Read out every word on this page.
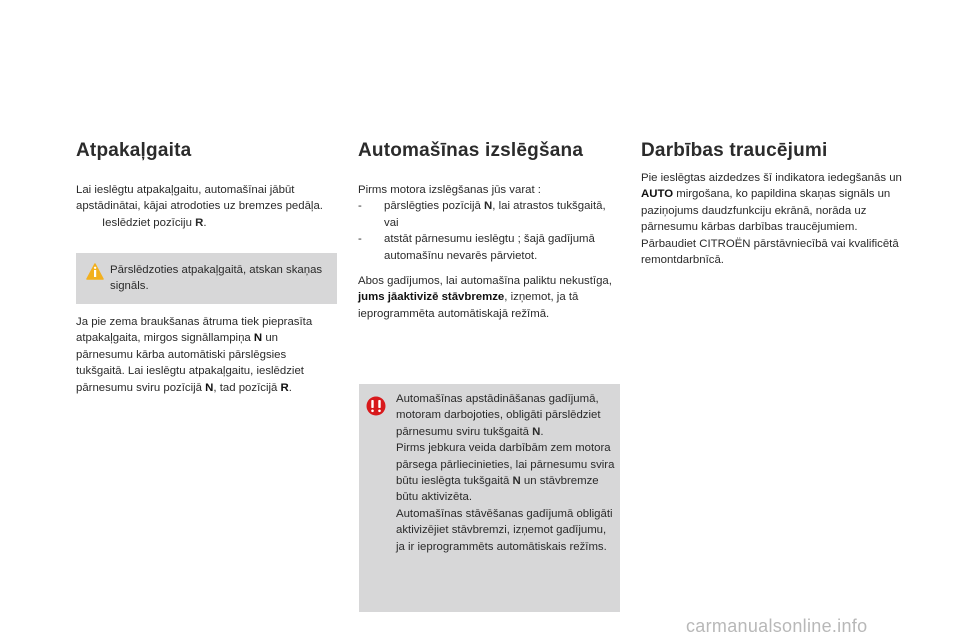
Atpakaļgaita

Lai ieslēgtu atpakaļgaitu, automašīnai jābūt apstādinātai, kājai atrodoties uz bremzes pedāļa.

Ieslēdziet pozīciju R.
Pārslēdzoties atpakaļgaitā, atskan skaņas signāls.

Ja pie zema braukšanas ātruma tiek pieprasīta atpakaļgaita, mirgos signāllampiņa N un pārnesumu kārba automātiski pārslēgsies tukšgaitā. Lai ieslēgtu atpakaļgaitu, ieslēdziet pārnesumu sviru pozīcijā N, tad pozīcijā R.

Automašīnas izslēgšana

Pirms motora izslēgšanas jūs varat :

-	pārslēgties pozīcijā N, lai atrastos tukšgaitā,
vai
-	atstāt pārnesumu ieslēgtu ; šajā gadījumā automašīnu nevarēs pārvietot.

Abos gadījumos, lai automašīna paliktu nekustīga, jums jāaktivizē stāvbremze, izņemot, ja tā ieprogrammēta automātiskajā režīmā.

Automašīnas apstādināšanas gadījumā, motoram darbojoties, obligāti pārslēdziet pārnesumu sviru tukšgaitā N.
Pirms jebkura veida darbībām zem motora pārsega pārliecinieties, lai pārnesumu svira būtu ieslēgta tukšgaitā N un stāvbremze būtu aktivizēta.
Automašīnas stāvēšanas gadījumā obligāti aktivizējiet stāvbremzi, izņemot gadījumu, ja ir ieprogrammēts automātiskais režīms.
Darbības traucējumi

Pie ieslēgtas aizdedzes šī indikatora iedegšanās un AUTO mirgošana, ko papildina skaņas signāls un paziņojums daudzfunkciju ekrānā, norāda uz pārnesumu kārbas darbības traucējumiem.

Pārbaudiet CITROËN pārstāvniecībā vai kvalificētā remontdarbnīcā.

carmanualsonline.info
